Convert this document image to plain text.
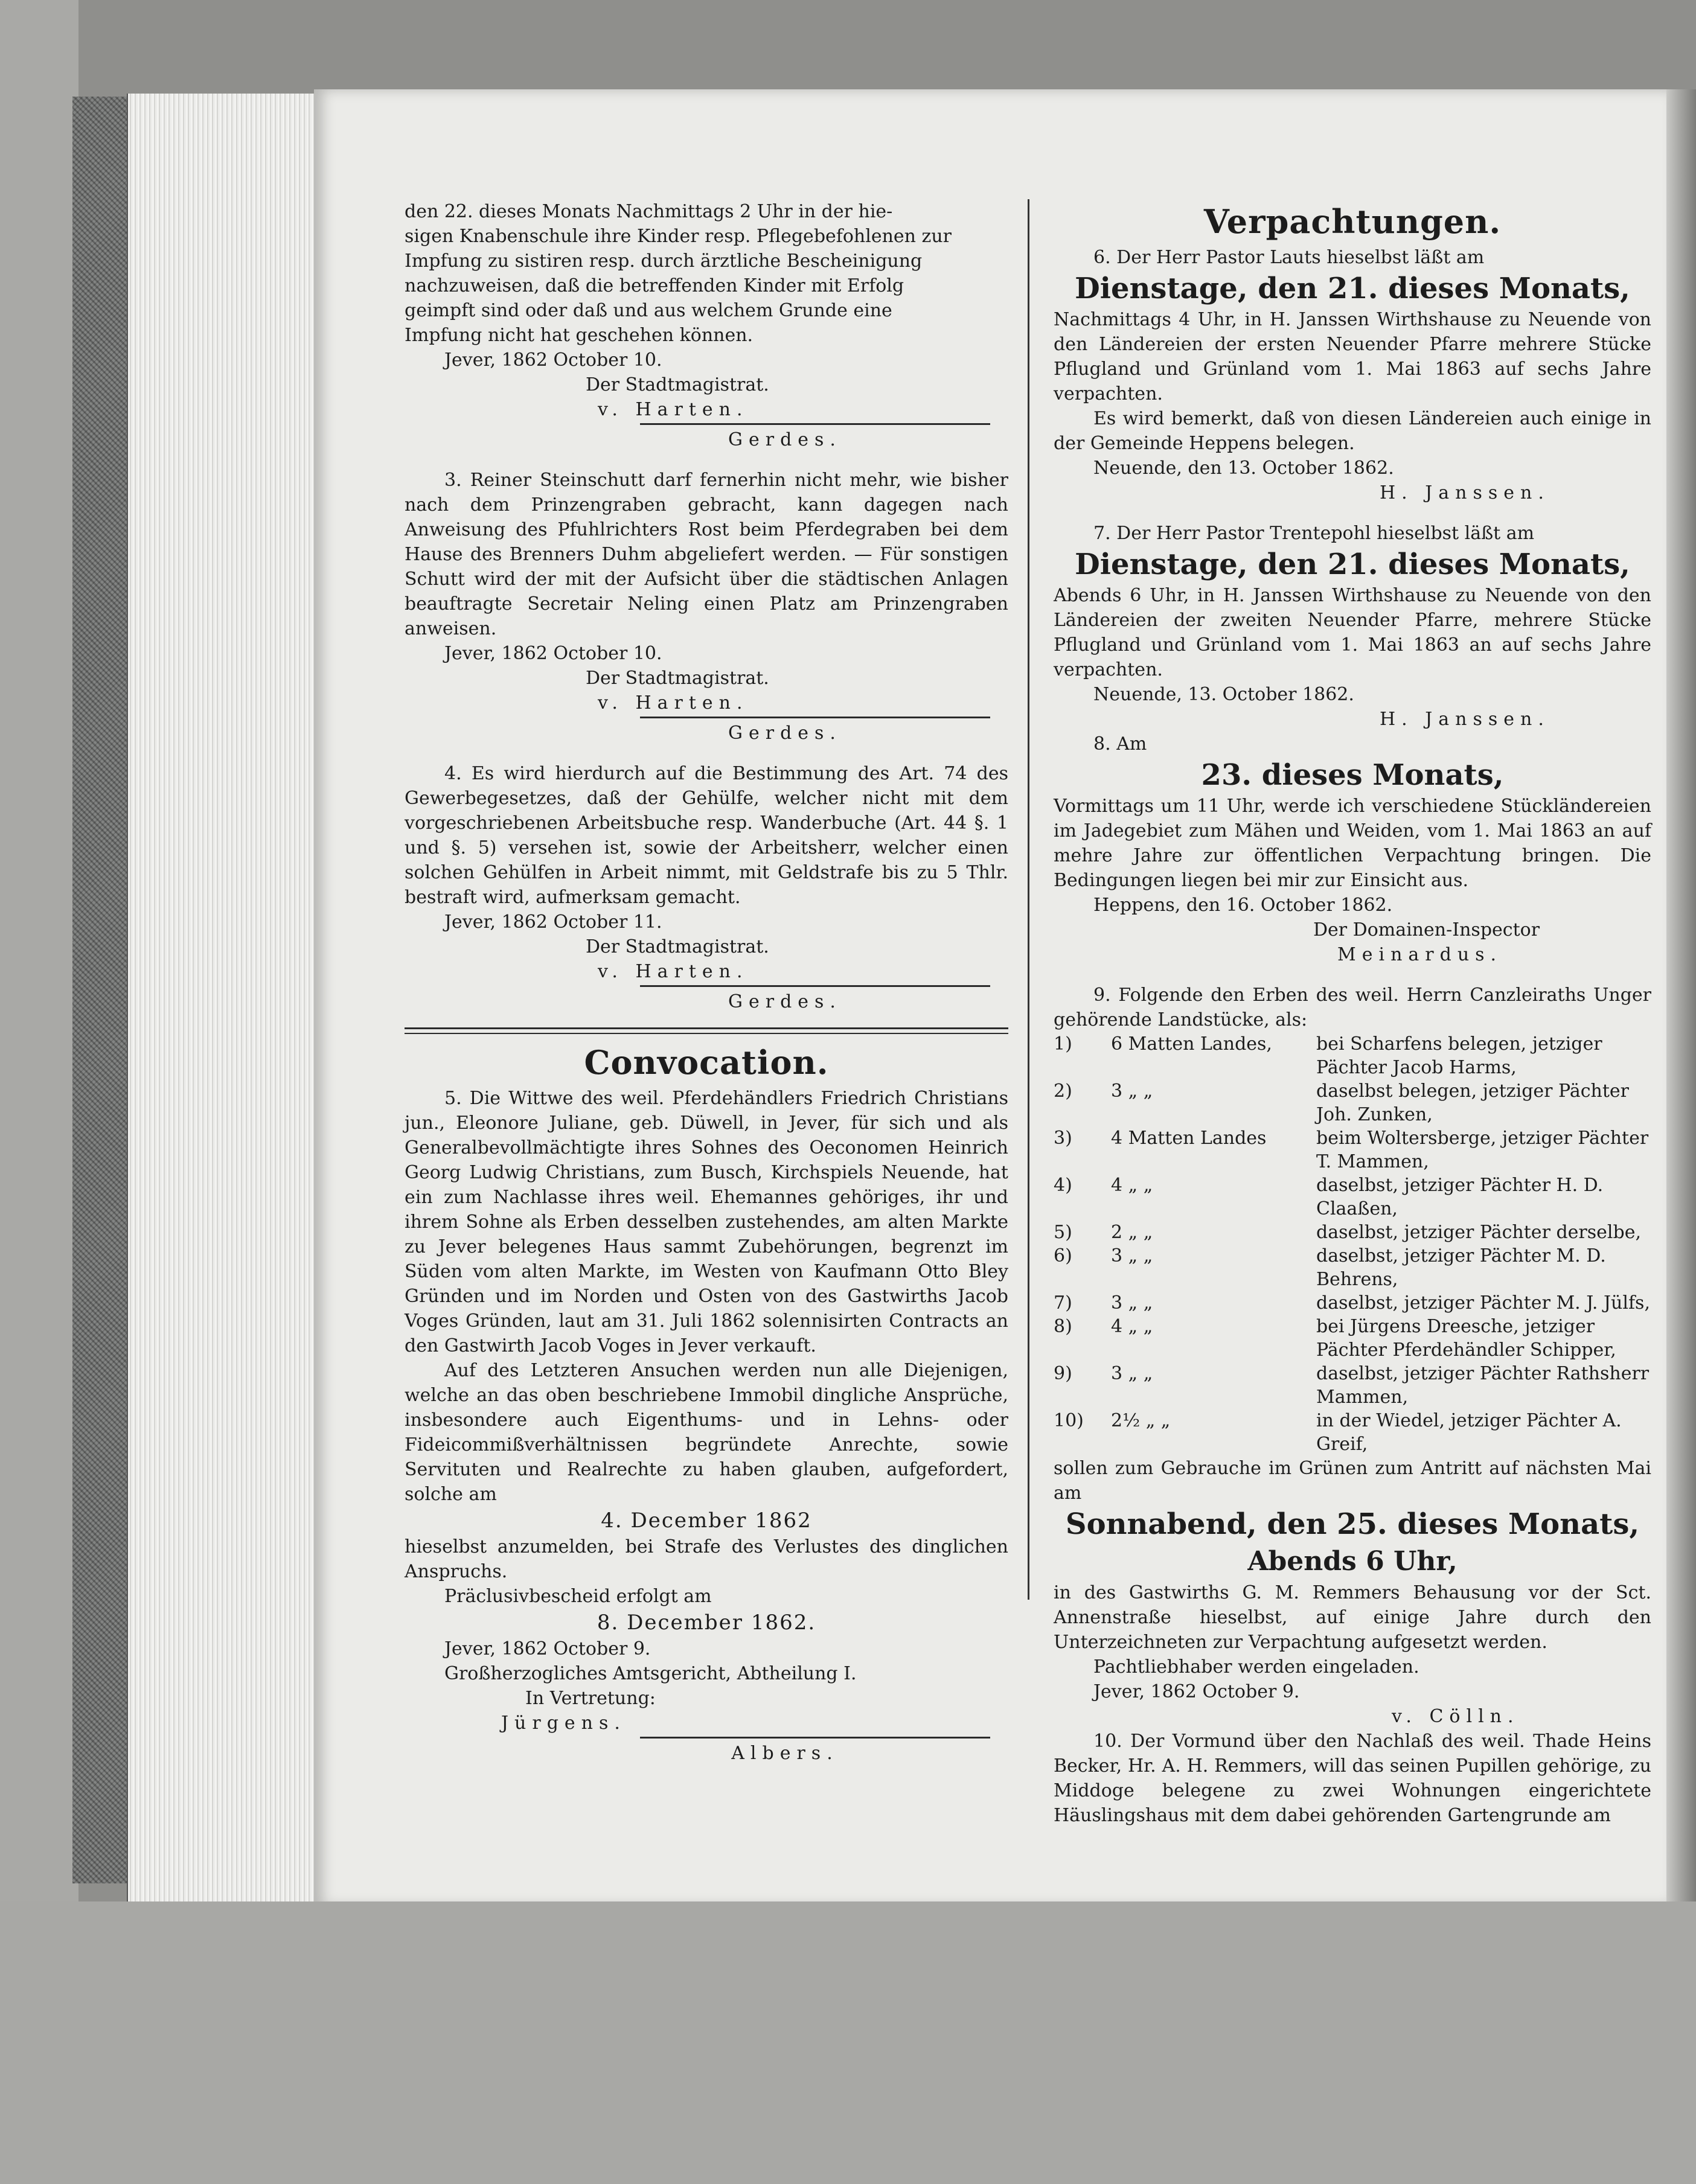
den 22. dieses Monats Nachmittags 2 Uhr in der hie-

sigen Knabenschule ihre Kinder resp. Pflegebefohlenen zur

Impfung zu sistiren resp. durch ärztliche Bescheinigung

nachzuweisen, daß die betreffenden Kinder mit Erfolg

geimpft sind oder daß und aus welchem Grunde eine

Impfung nicht hat geschehen können.

Jever, 1862 October 10.

Der Stadtmagistrat.

v. Harten.

Gerdes.

3. Reiner Steinschutt darf fernerhin nicht mehr, wie bisher nach dem Prinzengraben gebracht, kann dagegen nach Anweisung des Pfuhlrichters Rost beim Pferdegraben bei dem Hause des Brenners Duhm abgeliefert werden. — Für sonstigen Schutt wird der mit der Aufsicht über die städtischen Anlagen beauftragte Secretair Neling einen Platz am Prinzengraben anweisen.

Jever, 1862 October 10.

Der Stadtmagistrat.

v. Harten.

Gerdes.

4. Es wird hierdurch auf die Bestimmung des Art. 74 des Gewerbegesetzes, daß der Gehülfe, welcher nicht mit dem vorgeschriebenen Arbeitsbuche resp. Wanderbuche (Art. 44 §. 1 und §. 5) versehen ist, sowie der Arbeitsherr, welcher einen solchen Gehülfen in Arbeit nimmt, mit Geldstrafe bis zu 5 Thlr. bestraft wird, aufmerksam gemacht.

Jever, 1862 October 11.

Der Stadtmagistrat.

v. Harten.

Gerdes.

Convocation.

5. Die Wittwe des weil. Pferdehändlers Friedrich Christians jun., Eleonore Juliane, geb. Düwell, in Jever, für sich und als Generalbevollmächtigte ihres Sohnes des Oeconomen Heinrich Georg Ludwig Christians, zum Busch, Kirchspiels Neuende, hat ein zum Nachlasse ihres weil. Ehemannes gehöriges, ihr und ihrem Sohne als Erben desselben zustehendes, am alten Markte zu Jever belegenes Haus sammt Zubehörungen, begrenzt im Süden vom alten Markte, im Westen von Kaufmann Otto Bley Gründen und im Norden und Osten von des Gastwirths Jacob Voges Gründen, laut am 31. Juli 1862 solennisirten Contracts an den Gastwirth Jacob Voges in Jever verkauft.

Auf des Letzteren Ansuchen werden nun alle Diejenigen, welche an das oben beschriebene Immobil dingliche Ansprüche, insbesondere auch Eigenthums- und in Lehns- oder Fideicommißverhältnissen begründete Anrechte, sowie Servituten und Realrechte zu haben glauben, aufgefordert, solche am

4. December 1862

hieselbst anzumelden, bei Strafe des Verlustes des dinglichen Anspruchs.

Präclusivbescheid erfolgt am

8. December 1862.

Jever, 1862 October 9.

Großherzogliches Amtsgericht, Abtheilung I.

In Vertretung:

Jürgens.

Albers.

Verpachtungen.

6. Der Herr Pastor Lauts hieselbst läßt am

Dienstage, den 21. dieses Monats,

Nachmittags 4 Uhr, in H. Janssen Wirthshause zu Neuende von den Ländereien der ersten Neuender Pfarre mehrere Stücke Pflugland und Grünland vom 1. Mai 1863 auf sechs Jahre verpachten.

Es wird bemerkt, daß von diesen Ländereien auch einige in der Gemeinde Heppens belegen.

Neuende, den 13. October 1862.

H. Janssen.

7. Der Herr Pastor Trentepohl hieselbst läßt am

Dienstage, den 21. dieses Monats,

Abends 6 Uhr, in H. Janssen Wirthshause zu Neuende von den Ländereien der zweiten Neuender Pfarre, mehrere Stücke Pflugland und Grünland vom 1. Mai 1863 an auf sechs Jahre verpachten.

Neuende, 13. October 1862.

H. Janssen.

8. Am

23. dieses Monats,

Vormittags um 11 Uhr, werde ich verschiedene Stückländereien im Jadegebiet zum Mähen und Weiden, vom 1. Mai 1863 an auf mehre Jahre zur öffentlichen Verpachtung bringen. Die Bedingungen liegen bei mir zur Einsicht aus.

Heppens, den 16. October 1862.

Der Domainen-Inspector

Meinardus.

9. Folgende den Erben des weil. Herrn Canzleiraths Unger gehörende Landstücke, als:

1)	6 Matten Landes,	bei Scharfens belegen, jetziger Pächter Jacob Harms,
2)	3 „ „	daselbst belegen, jetziger Pächter Joh. Zunken,
3)	4 Matten Landes	beim Woltersberge, jetziger Pächter T. Mammen,
4)	4 „ „	daselbst, jetziger Pächter H. D. Claaßen,
5)	2 „ „	daselbst, jetziger Pächter derselbe,
6)	3 „ „	daselbst, jetziger Pächter M. D. Behrens,
7)	3 „ „	daselbst, jetziger Pächter M. J. Jülfs,
8)	4 „ „	bei Jürgens Dreesche, jetziger Pächter Pferdehändler Schipper,
9)	3 „ „	daselbst, jetziger Pächter Rathsherr Mammen,
10)	2½ „ „	in der Wiedel, jetziger Pächter A. Greif,

sollen zum Gebrauche im Grünen zum Antritt auf nächsten Mai am

Sonnabend, den 25. dieses Monats,

Abends 6 Uhr,

in des Gastwirths G. M. Remmers Behausung vor der Sct. Annenstraße hieselbst, auf einige Jahre durch den Unterzeichneten zur Verpachtung aufgesetzt werden.

Pachtliebhaber werden eingeladen.

Jever, 1862 October 9.

v. Cölln.

10. Der Vormund über den Nachlaß des weil. Thade Heins Becker, Hr. A. H. Remmers, will das seinen Pupillen gehörige, zu Middoge belegene zu zwei Wohnungen eingerichtete Häuslingshaus mit dem dabei gehörenden Gartengrunde am
